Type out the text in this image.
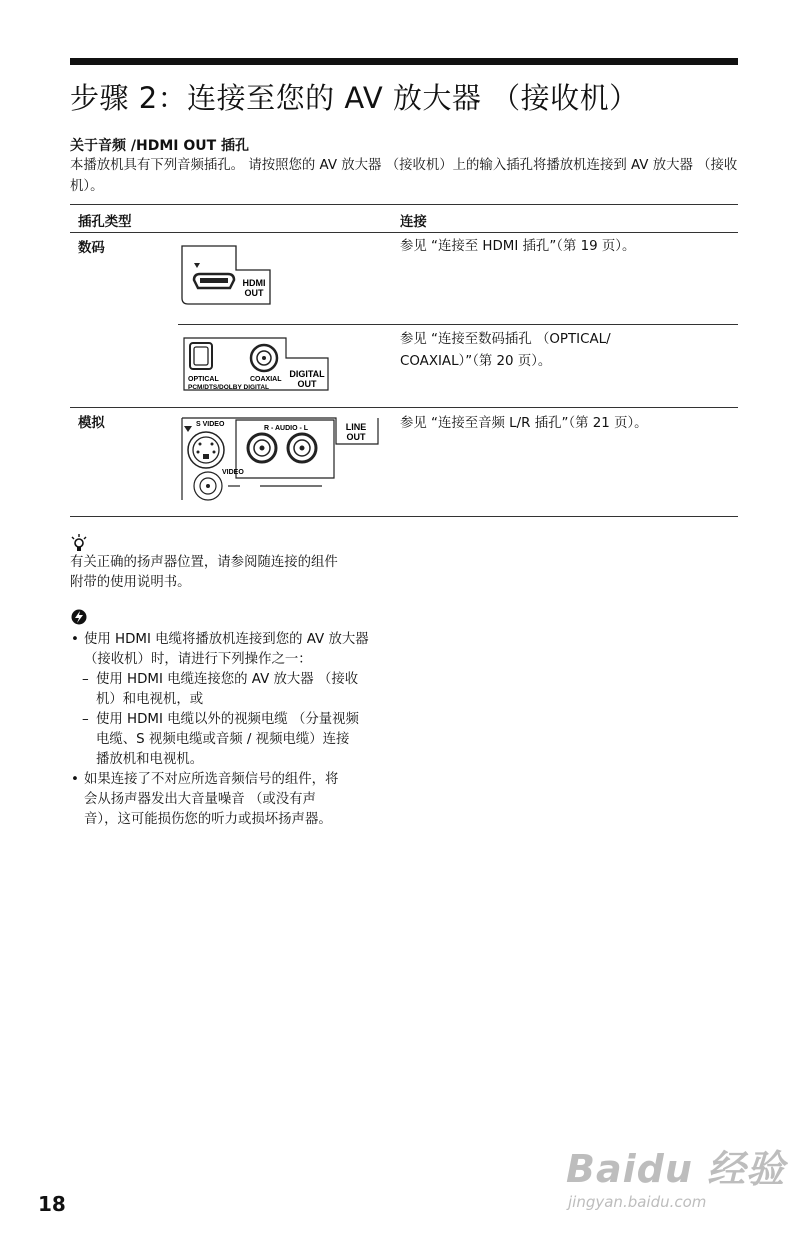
步骤 2：连接至您的 AV 放大器 （接收机）
关于音频 /HDMI OUT 插孔
本播放机具有下列音频插孔。 请按照您的 AV 放大器 （接收机）上的输入插孔将播放机连接到 AV 放大器 （接收机）。
插孔类型	连接
数码	参见 “连接至 HDMI 插孔”（第 19 页）。
HDMI
OUT
参见 “连接至数码插孔 （OPTICAL/
COAXIAL）”（第 20 页）。
OPTICAL	COAXIAL
PCM/DTS/DOLBY DIGITAL
DIGITAL
OUT
模拟	参见 “连接至音频 L/R 插孔”（第 21 页）。
S VIDEO
R - AUDIO - L
VIDEO
LINE
OUT
有关正确的扬声器位置，请参阅随连接的组件
附带的使用说明书。
• 使用 HDMI 电缆将播放机连接到您的 AV 放大器
（接收机）时，请进行下列操作之一：
– 使用 HDMI 电缆连接您的 AV 放大器 （接收
机）和电视机，或
– 使用 HDMI 电缆以外的视频电缆 （分量视频
电缆、S 视频电缆或音频 / 视频电缆）连接
播放机和电视机。
• 如果连接了不对应所选音频信号的组件，将
会从扬声器发出大音量噪音 （或没有声
音），这可能损伤您的听力或损坏扬声器。
18
Baidu 经验
jingyan.baidu.com
